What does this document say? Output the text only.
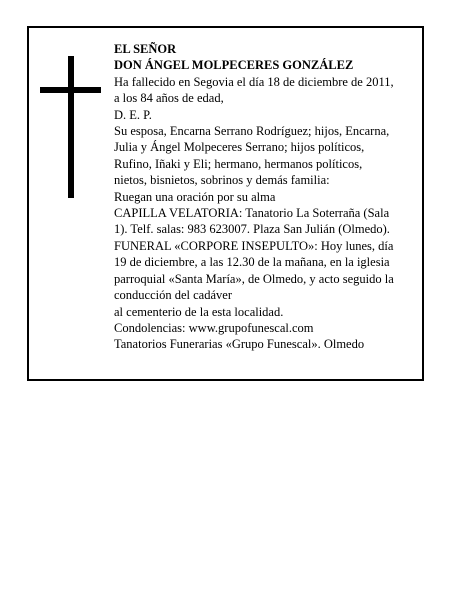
EL SEÑOR

DON ÁNGEL MOLPECERES GONZÁLEZ

Ha fallecido en Segovia el día 18 de diciembre de 2011,

a los 84 años de edad,

D. E. P.

Su esposa, Encarna Serrano Rodríguez; hijos, Encarna,

Julia y Ángel Molpeceres Serrano; hijos políticos,

Rufino, Iñaki y Eli; hermano, hermanos políticos,

nietos, bisnietos, sobrinos y demás familia:

Ruegan una oración por su alma

CAPILLA VELATORIA: Tanatorio La Soterraña (Sala

1). Telf. salas: 983 623007. Plaza San Julián (Olmedo).

FUNERAL «CORPORE INSEPULTO»: Hoy lunes, día

19 de diciembre, a las 12.30 de la mañana, en la iglesia

parroquial «Santa María», de Olmedo, y acto seguido la

conducción del cadáver

al cementerio de la esta localidad.

Condolencias: www.grupofunescal.com

Tanatorios Funerarias «Grupo Funescal». Olmedo
